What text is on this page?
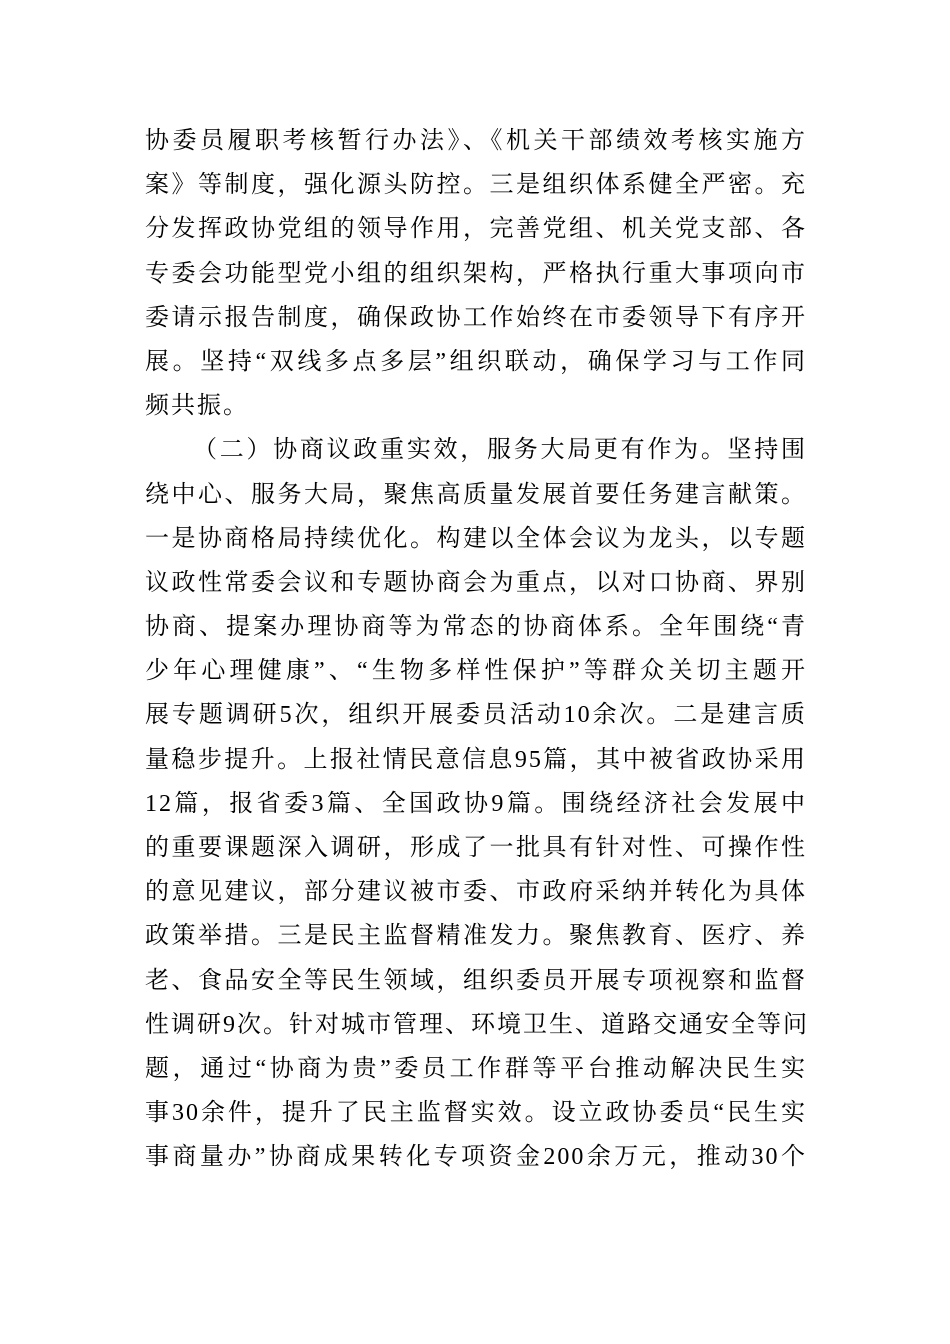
协委员履职考核暂行办法》、《机关干部绩效考核实施方
案》等制度，强化源头防控。三是组织体系健全严密。充
分发挥政协党组的领导作用，完善党组、机关党支部、各
专委会功能型党小组的组织架构，严格执行重大事项向市
委请示报告制度，确保政协工作始终在市委领导下有序开
展。坚持“双线多点多层”组织联动，确保学习与工作同
频共振。
（二）协商议政重实效，服务大局更有作为。坚持围
绕中心、服务大局，聚焦高质量发展首要任务建言献策。
一是协商格局持续优化。构建以全体会议为龙头，以专题
议政性常委会议和专题协商会为重点，以对口协商、界别
协商、提案办理协商等为常态的协商体系。全年围绕“青
少年心理健康”、“生物多样性保护”等群众关切主题开
展专题调研5次，组织开展委员活动10余次。二是建言质
量稳步提升。上报社情民意信息95篇，其中被省政协采用
12篇，报省委3篇、全国政协9篇。围绕经济社会发展中
的重要课题深入调研，形成了一批具有针对性、可操作性
的意见建议，部分建议被市委、市政府采纳并转化为具体
政策举措。三是民主监督精准发力。聚焦教育、医疗、养
老、食品安全等民生领域，组织委员开展专项视察和监督
性调研9次。针对城市管理、环境卫生、道路交通安全等问
题，通过“协商为贵”委员工作群等平台推动解决民生实
事30余件，提升了民主监督实效。设立政协委员“民生实
事商量办”协商成果转化专项资金200余万元，推动30个
